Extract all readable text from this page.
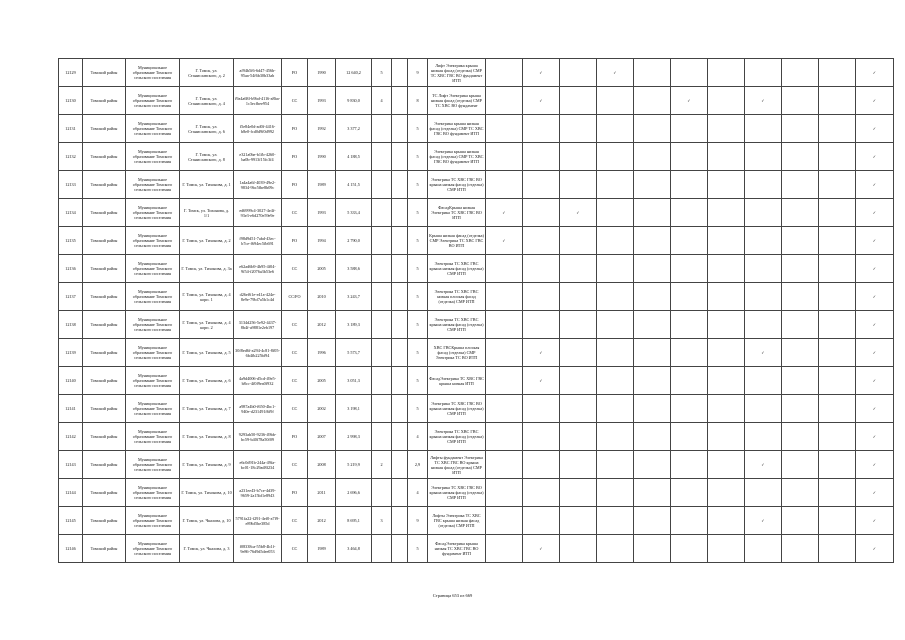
12129	Томский район	Муниципальное образование Томского сельского поселения	Г. Томск, ул. Станиславского, д. 2	af94b5f6-6d47-456b-95aa-54f6b30b33ab	FO	1990	12 640,2	5		9	Лифт Электрика крыша низкая фасад (отделка) СМР ТС ХВС ГВС ВО фундамент ИТП		✓		✓							✓
12130	Томский район	Муниципальное образование Томского сельского поселения	Г. Томск, ул. Станиславского, д. 4	f9a4a68f-b9bd-4116-a8ba-1c3ecfbee954	СС	1993	9 830,0	4		8	ТС Лифт Электрика крыша низкая фасад (отделка) СМР ТС ХВС ВО фундамент		✓				✓		✓			✓
12131	Томский район	Муниципальное образование Томского сельского поселения	Г. Томск, ул. Станиславского, д. 6	f5e84e0d-ad0f-4416-b8e0-fcd0d9f0d992	FO	1992	3 377,2			5	Электрика крыша низкая фасад (отделка) СМР ТС ХВС ГВС ВО фундамент ИТП											✓
12132	Томский район	Муниципальное образование Томского сельского поселения	Г. Томск, ул. Станиславского, д. 8	e321a0be-b1fb-4260-ba0b-9913f15fc3f4	FO	1990	4 188,5			5	Электрика крыша низкая фасад (отделка) СМР ТС ХВС ГВС ВО фундамент ИТП											✓
12133	Томский район	Муниципальное образование Томского сельского поселения	Г. Томск, ул. Тихонова, д. 1	1a4a4a6f-4039-49e2-9834-9bc5fbe8b09c	FO	1989	4 151,5			5	Электрика ТС ХВС ГВС ВО крыша низкая фасад (отделка) СМР ИТП											✓
12134	Томский район	Муниципальное образование Томского сельского поселения	Г. Томск, ул. Тихонова, д. 1/1	ed6999c4-3027-4e4f-93e3-e6d270e59e9e	СС	1993	5 333,4			5	ФасадКрыша низкая Электрика ТС ХВС ГВС ВО ИТП	✓		✓								✓
12135	Томский район	Муниципальное образование Томского сельского поселения	Г. Томск, ул. Тихонова, д. 2	f98d9d51-7abd-43ec-b7ce-f694ec5fb691	FO	1994	2 790,0			5	Крыша низкая фасад (отделка) СМР Электрика ТС ХВС ГВС ВО ИТП	✓										✓
12136	Томский район	Муниципальное образование Томского сельского поселения	Г. Томск, ул. Тихонова, д. 3а	e62ad6b9-4b95-4f04-9f54-f2076a3b53e6	СС	2005	3 588,6			5	Электрика ТС ХВС ГВС крыша низкая фасад (отделка) СМР ИТП											✓
12137	Томский район	Муниципальное образование Томского сельского поселения	Г. Томск, ул. Тихонова, д. 4 корп. 1	d26ef61e-e41a-424e-8e9e-79bf7a5b1c4d	СС/FO	2010	3 243,7			5	Электрика ТС ХВС ГВС низкая плоская фасад (отделка) СМР ИТП											✓
12138	Томский район	Муниципальное образование Томского сельского поселения	Г. Томск, ул. Тихонова, д. 4 корп. 2	3134d256-5e92-4437-8b4f-a9881e2eb197	СС	2012	3 189,3			5	Электрика ТС ХВС ГВС крыша низкая фасад (отделка) СМР ИТП											✓
12139	Томский район	Муниципальное образование Томского сельского поселения	Г. Томск, ул. Тихонова, д. 5	30f8ed6f-a294-4c81-8f05-6b4fb225bf94	СС	1996	5 573,7			5	ХВС ГВСКрыша плоская фасад (отделка) СМР Электрика ТС ВО ИТП		✓						✓			✓
12140	Томский район	Муниципальное образование Томского сельского поселения	Г. Томск, ул. Тихонова, д. 6	4a9d4006-d5cd-49e5-b8cc-4f0f9ea0f932	СС	2005	3 051,3			5	ФасадЭлектрика ТС ХВС ГВС крыша низкая ИТП		✓									✓
12141	Томский район	Муниципальное образование Томского сельского поселения	Г. Томск, ул. Тихонова, д. 7	a987a4b0-f650-4bc1-940e-d231491f6f9f	СС	2002	3 198,1			5	Электрика ТС ХВС ГВС ВО крыша низкая фасад (отделка) СМР ИТП											✓
12142	Томский район	Муниципальное образование Томского сельского поселения	Г. Томск, ул. Тихонова, д. 8	9293ab50-9236-49bb-bc59-b40f78a50f09	FO	2007	2 998,3			4	Электрика ТС ХВС ГВС крыша низкая фасад (отделка) СМР ИТП											✓
12143	Томский район	Муниципальное образование Томского сельского поселения	Г. Томск, ул. Тихонова, д. 9	e6c0d91b-244a-49fa-bc01-18c29ad8f234	СС	2008	5 219,9	2		2,9	Лифты фундамент Электрика ТС ХВС ГВС ВО крыша низкая фасад (отделка) СМР ИТП								✓			✓
12144	Томский район	Муниципальное образование Томского сельского поселения	Г. Томск, ул. Тихонова, д. 10	a231ee43-b7ce-4d39-9659-2a15bf1e8943	FO	2011	2 696,6			4	Электрика ТС ХВС ГВС ВО крыша низкая фасад (отделка) СМР ИТП											✓
12145	Томский район	Муниципальное образование Томского сельского поселения	Г. Томск, ул. Чкалова, д. 10	5791fa22-f291-4ef0-a7f9-e89bf5be385d	СС	2012	8 695,1	3		9	Лифты Электрика ТС ХВС ГВС крыша низкая фасад (отделка) СМР ИТП								✓			✓
12146	Томский район	Муниципальное образование Томского сельского поселения	Г. Томск, ул. Чкалова, д. 3	f08338ca-55b8-4b1f-9e86-76d9d5dee053	СС	1989	3 464,8			5	ФасадЭлектрика крыша низкая ТС ХВС ГВС ВО фундамент ИТП		✓									✓
Страница 653 из 669
